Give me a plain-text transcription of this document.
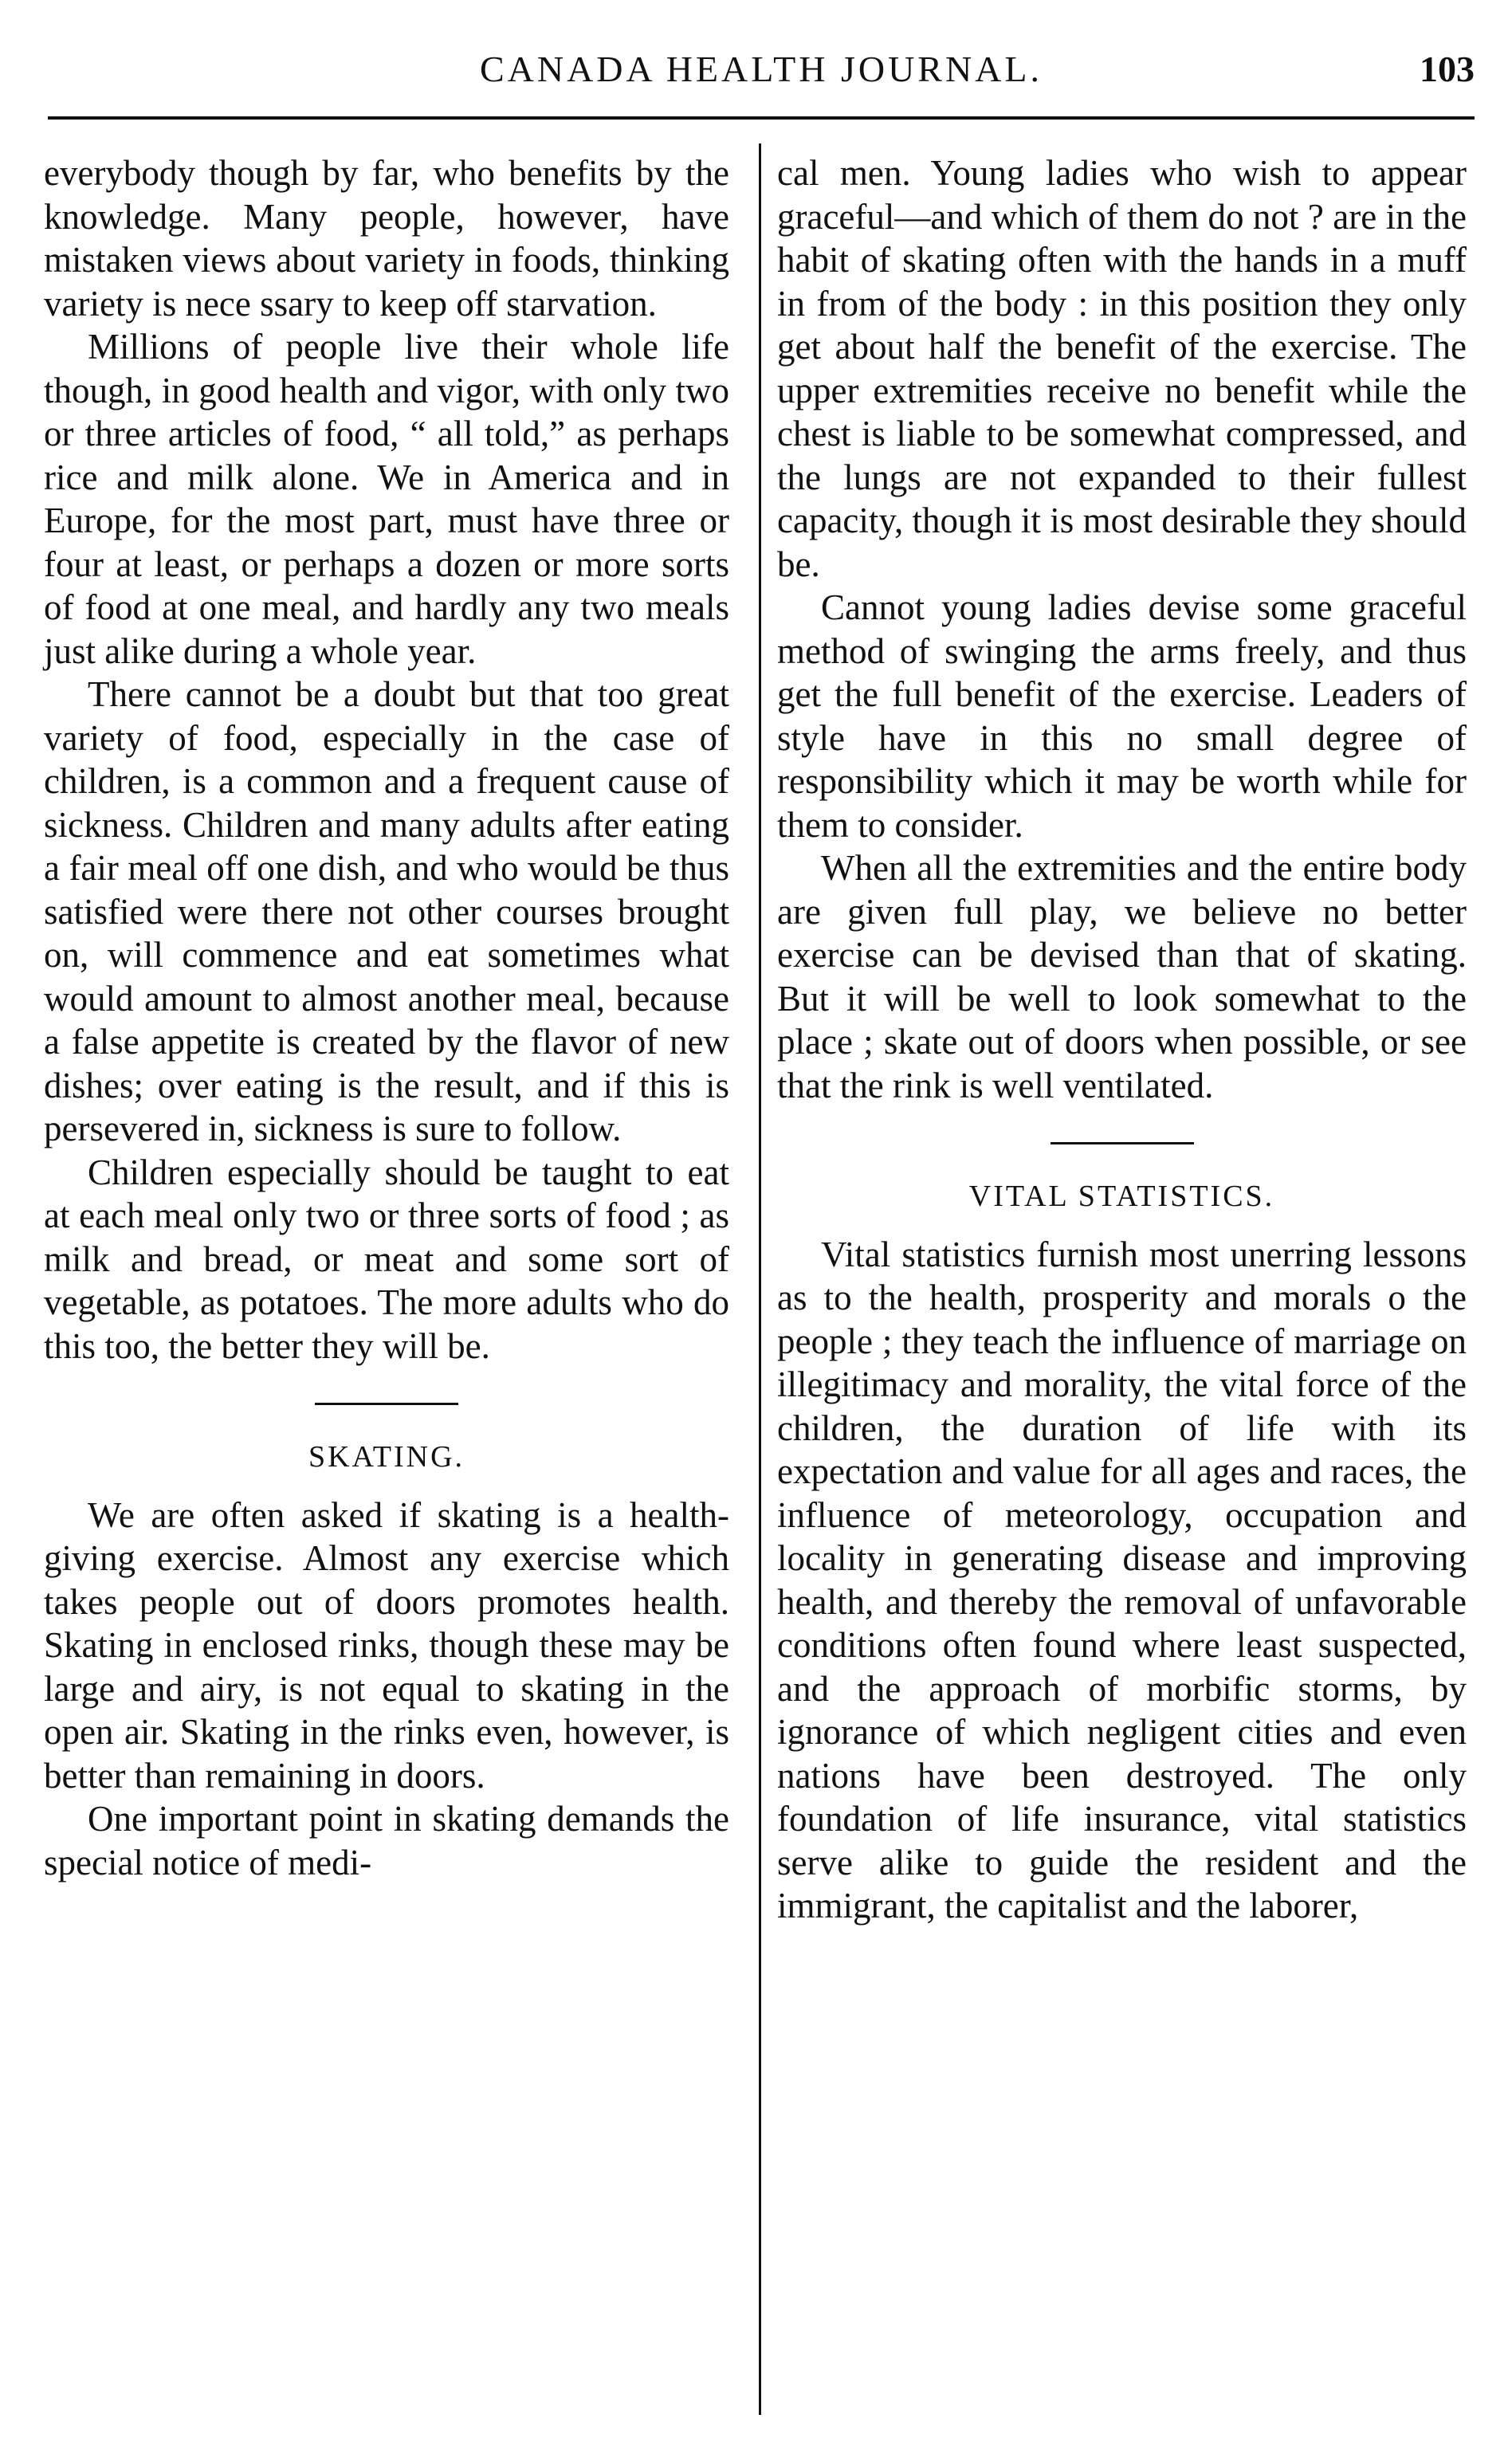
CANADA HEALTH JOURNAL.	103

everybody though by far, who benefits by the knowledge. Many people, however, have mistaken views about variety in foods, thinking variety is nece ssary to keep off starvation.

Millions of people live their whole life though, in good health and vigor, with only two or three articles of food, “ all told,” as perhaps rice and milk alone. We in America and in Europe, for the most part, must have three or four at least, or perhaps a dozen or more sorts of food at one meal, and hardly any two meals just alike during a whole year.

There cannot be a doubt but that too great variety of food, especially in the case of children, is a common and a frequent cause of sickness. Children and many adults after eating a fair meal off one dish, and who would be thus satisfied were there not other courses brought on, will commence and eat sometimes what would amount to almost another meal, because a false appetite is created by the flavor of new dishes; over eating is the result, and if this is persevered in, sickness is sure to follow.

Children especially should be taught to eat at each meal only two or three sorts of food ; as milk and bread, or meat and some sort of vegetable, as potatoes. The more adults who do this too, the better they will be.

SKATING.

We are often asked if skating is a health-giving exercise. Almost any exercise which takes people out of doors promotes health. Skating in enclosed rinks, though these may be large and airy, is not equal to skating in the open air. Skating in the rinks even, however, is better than remaining in doors.

One important point in skating demands the special notice of medi-

cal men. Young ladies who wish to appear graceful—and which of them do not ? are in the habit of skating often with the hands in a muff in from of the body : in this position they only get about half the benefit of the exercise. The upper extremities receive no benefit while the chest is liable to be somewhat compressed, and the lungs are not expanded to their fullest capacity, though it is most desirable they should be.

Cannot young ladies devise some graceful method of swinging the arms freely, and thus get the full benefit of the exercise. Leaders of style have in this no small degree of responsibility which it may be worth while for them to consider.

When all the extremities and the entire body are given full play, we believe no better exercise can be devised than that of skating. But it will be well to look somewhat to the place ; skate out of doors when possible, or see that the rink is well ventilated.

VITAL STATISTICS.

Vital statistics furnish most unerring lessons as to the health, prosperity and morals o the people ; they teach the influence of marriage on illegitimacy and morality, the vital force of the children, the duration of life with its expectation and value for all ages and races, the influence of meteorology, occupation and locality in generating disease and improving health, and thereby the removal of unfavorable conditions often found where least suspected, and the approach of morbific storms, by ignorance of which negligent cities and even nations have been destroyed. The only foundation of life insurance, vital statistics serve alike to guide the resident and the immigrant, the capitalist and the laborer,
